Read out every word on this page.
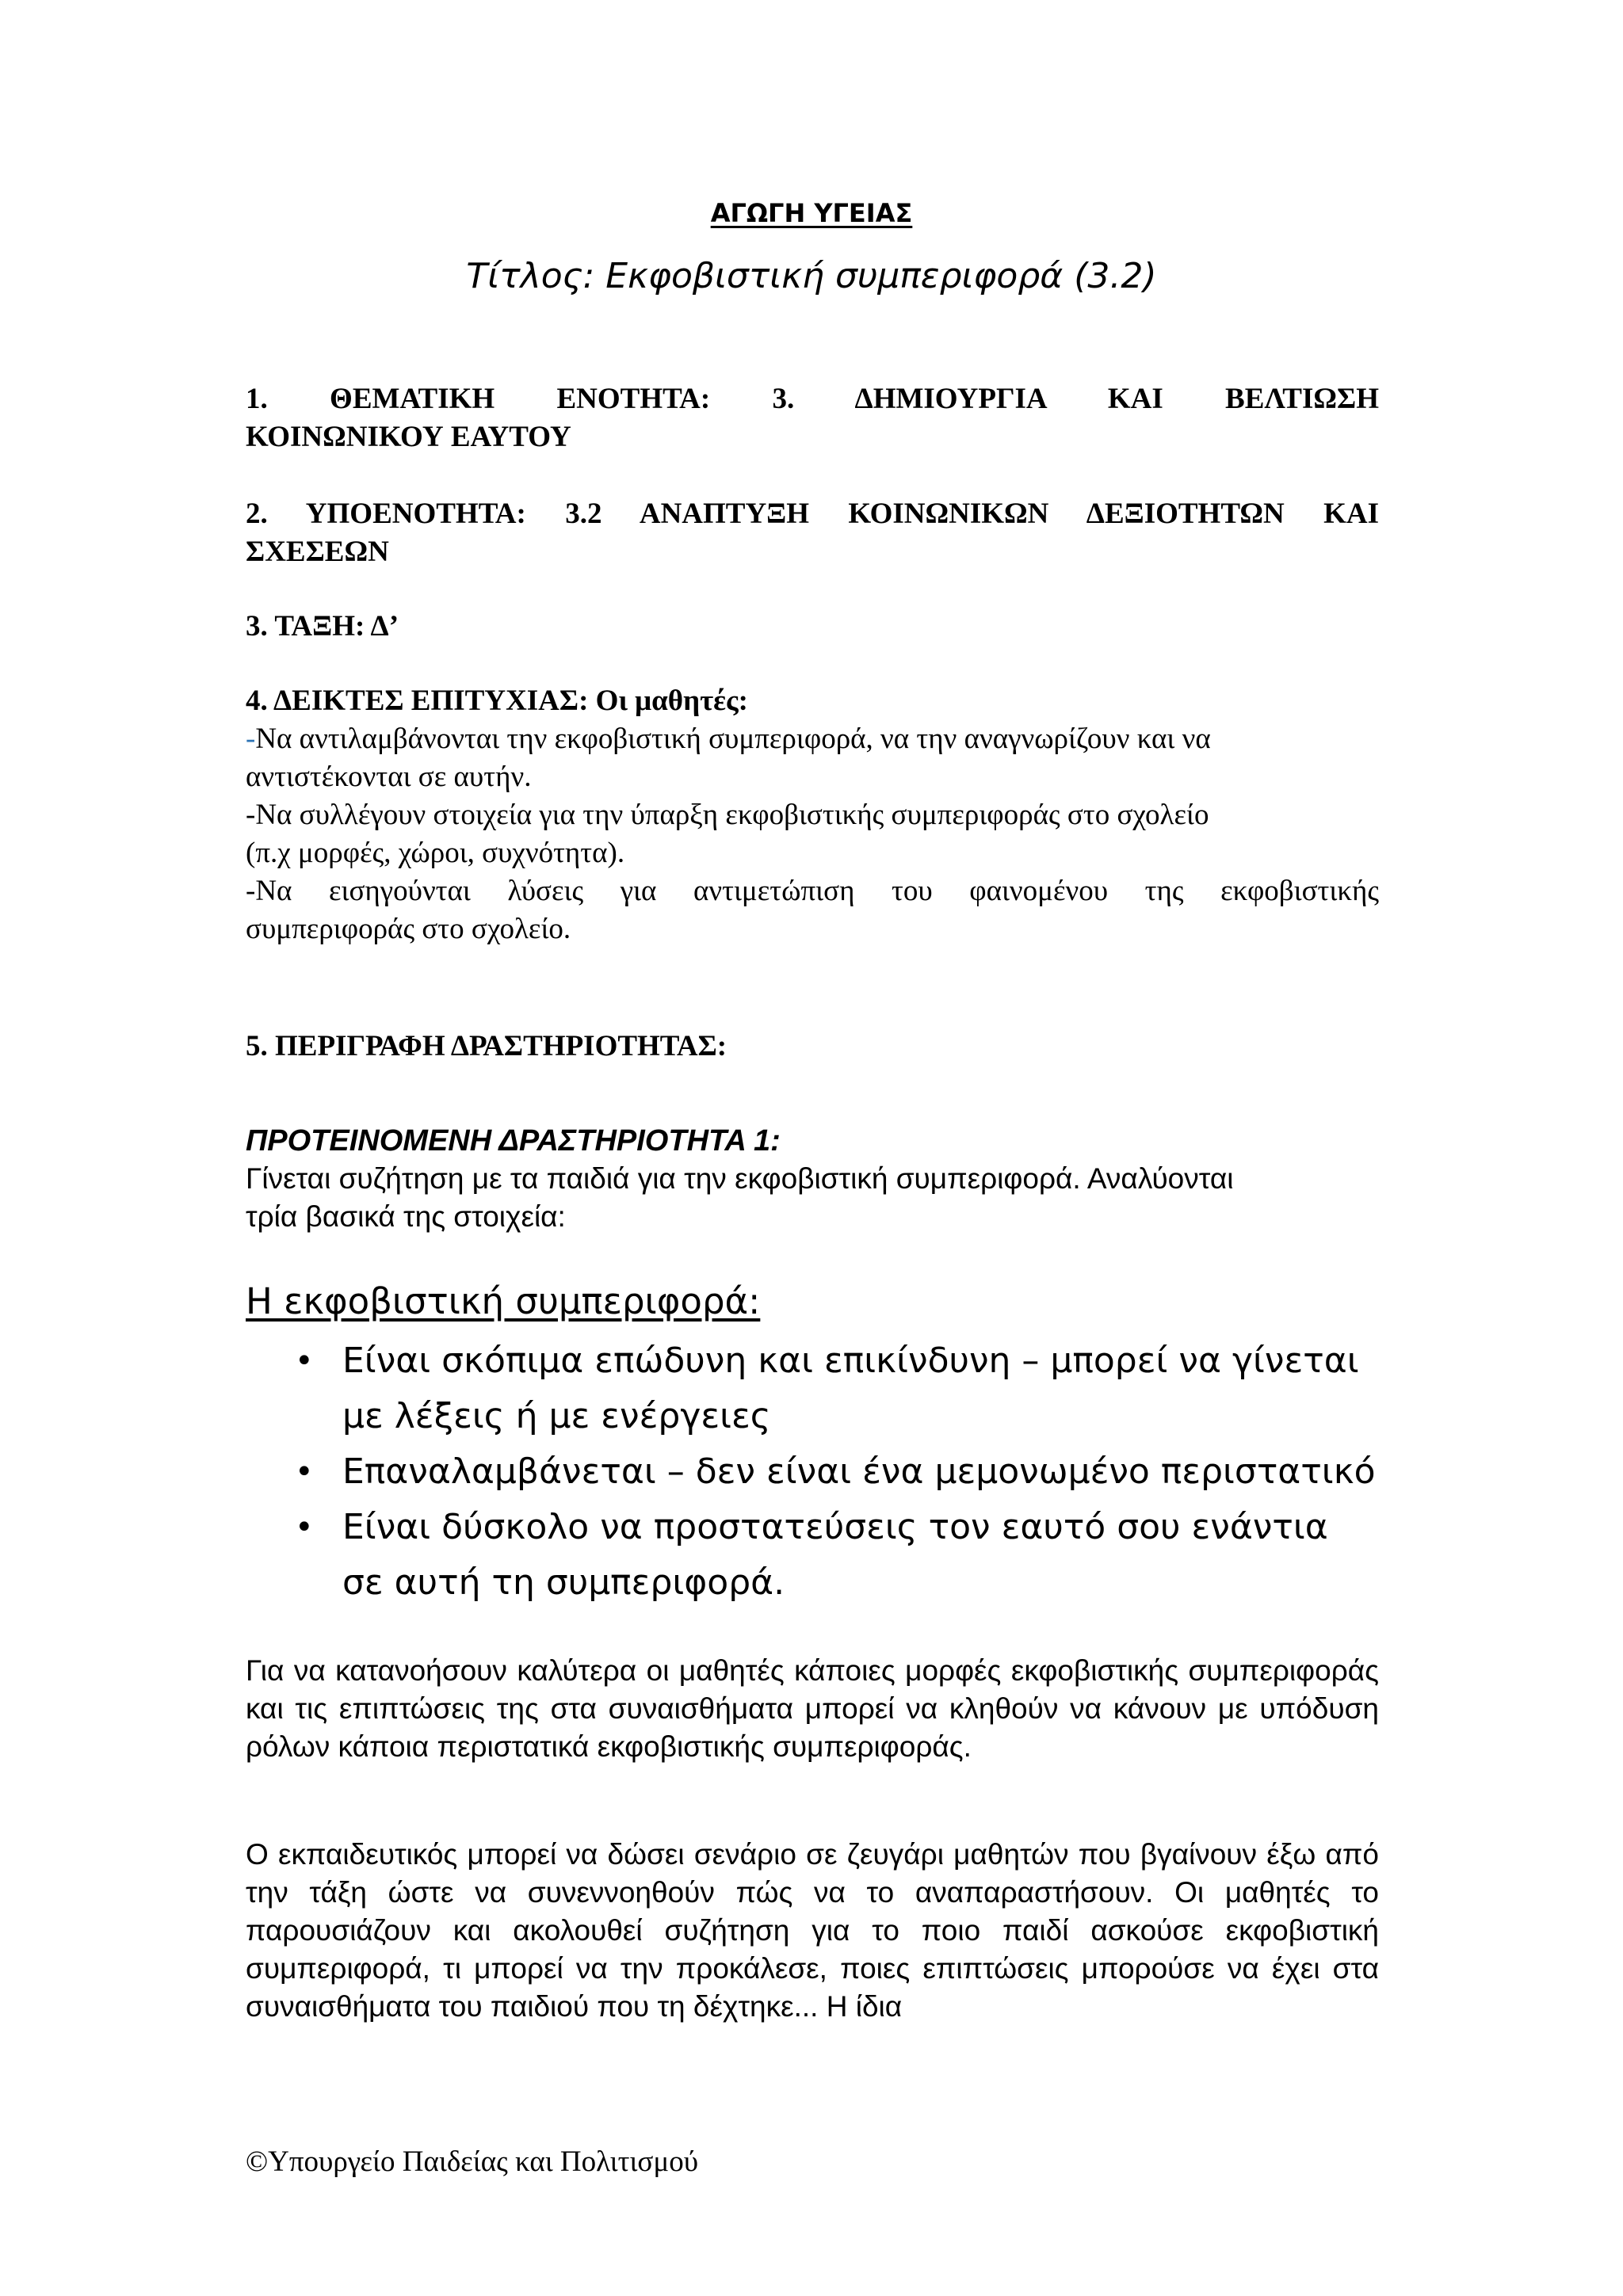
ΑΓΩΓΗ ΥΓΕΙΑΣ
Τίτλος: Εκφοβιστική συμπεριφορά (3.2)
1. ΘΕΜΑΤΙΚΗ ΕΝΟΤΗΤΑ: 3. ΔΗΜΙΟΥΡΓΙΑ ΚΑΙ ΒΕΛΤΙΩΣΗ
ΚΟΙΝΩΝΙΚΟΥ ΕΑΥΤΟΥ
2. ΥΠΟΕΝΟΤΗΤΑ: 3.2 ΑΝΑΠΤΥΞΗ ΚΟΙΝΩΝΙΚΩΝ ΔΕΞΙΟΤΗΤΩΝ ΚΑΙ
ΣΧΕΣΕΩΝ
3. ΤΑΞΗ: Δ’
4. ΔΕΙΚΤΕΣ ΕΠΙΤΥΧΙΑΣ: Οι μαθητές:
-Να αντιλαμβάνονται την εκφοβιστική συμπεριφορά, να την αναγνωρίζουν και να αντιστέκονται σε αυτήν.
-Να συλλέγουν στοιχεία για την ύπαρξη εκφοβιστικής συμπεριφοράς στο σχολείο
(π.χ μορφές, χώροι, συχνότητα).
-Να εισηγούνται λύσεις για αντιμετώπιση του φαινομένου της εκφοβιστικής
συμπεριφοράς στο σχολείο.
5. ΠΕΡΙΓΡΑΦΗ ΔΡΑΣΤΗΡΙΟΤΗΤΑΣ:
ΠΡΟΤΕΙΝΟΜΕΝΗ ΔΡΑΣΤΗΡΙΟΤΗΤΑ 1:
Γίνεται συζήτηση με τα παιδιά για την εκφοβιστική συμπεριφορά. Αναλύονται
τρία βασικά της στοιχεία:
Η εκφοβιστική συμπεριφορά:
• Είναι σκόπιμα επώδυνη και επικίνδυνη – μπορεί να γίνεται με λέξεις ή με ενέργειες
• Επαναλαμβάνεται – δεν είναι ένα μεμονωμένο περιστατικό
• Είναι δύσκολο να προστατεύσεις τον εαυτό σου ενάντια σε αυτή τη συμπεριφορά.
Για να κατανοήσουν καλύτερα οι μαθητές κάποιες μορφές εκφοβιστικής συμπεριφοράς και τις επιπτώσεις της στα συναισθήματα μπορεί να κληθούν να κάνουν με υπόδυση ρόλων κάποια περιστατικά εκφοβιστικής συμπεριφοράς.
Ο εκπαιδευτικός μπορεί να δώσει σενάριο σε ζευγάρι μαθητών που βγαίνουν έξω από την τάξη ώστε να συνεννοηθούν πώς να το αναπαραστήσουν. Οι μαθητές το παρουσιάζουν και ακολουθεί συζήτηση για το ποιο παιδί ασκούσε εκφοβιστική συμπεριφορά, τι μπορεί να την προκάλεσε, ποιες επιπτώσεις μπορούσε να έχει στα συναισθήματα του παιδιού που τη δέχτηκε... Η ίδια
©Υπουργείο Παιδείας και Πολιτισμού
